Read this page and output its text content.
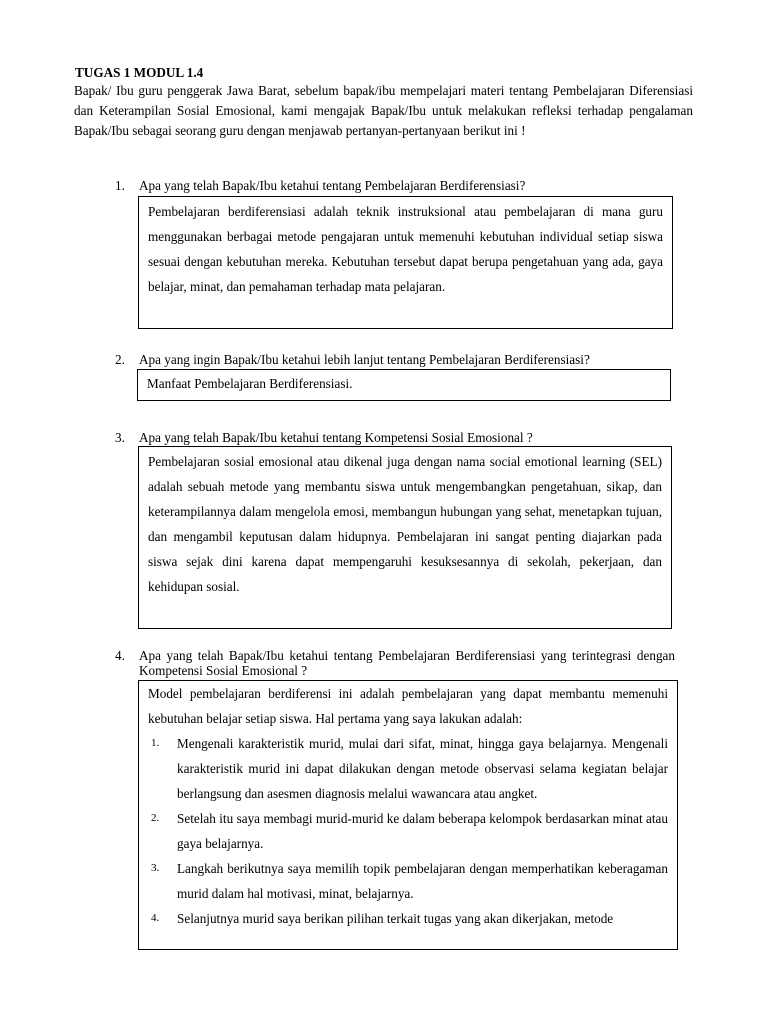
TUGAS 1 MODUL 1.4

Bapak/ Ibu guru penggerak Jawa Barat, sebelum bapak/ibu mempelajari materi tentang Pembelajaran Diferensiasi dan Keterampilan Sosial Emosional, kami mengajak Bapak/Ibu untuk melakukan refleksi terhadap pengalaman Bapak/Ibu sebagai seorang guru dengan menjawab pertanyan-pertanyaan berikut ini !

1.	Apa yang telah Bapak/Ibu ketahui tentang Pembelajaran Berdiferensiasi?

Pembelajaran berdiferensiasi adalah teknik instruksional atau pembelajaran di mana guru menggunakan berbagai metode pengajaran untuk memenuhi kebutuhan individual setiap siswa sesuai dengan kebutuhan mereka. Kebutuhan tersebut dapat berupa pengetahuan yang ada, gaya belajar, minat, dan pemahaman terhadap mata pelajaran.

2.	Apa yang ingin Bapak/Ibu ketahui lebih lanjut tentang Pembelajaran Berdiferensiasi?

Manfaat Pembelajaran Berdiferensiasi.

3.	Apa yang telah Bapak/Ibu ketahui tentang Kompetensi Sosial Emosional ?

Pembelajaran sosial emosional atau dikenal juga dengan nama social emotional learning (SEL) adalah sebuah metode yang membantu siswa untuk mengembangkan pengetahuan, sikap, dan keterampilannya dalam mengelola emosi, membangun hubungan yang sehat, menetapkan tujuan, dan mengambil keputusan dalam hidupnya. Pembelajaran ini sangat penting diajarkan pada siswa sejak dini karena dapat mempengaruhi kesuksesannya di sekolah, pekerjaan, dan kehidupan sosial.

4.	Apa yang telah Bapak/Ibu ketahui tentang Pembelajaran Berdiferensiasi yang terintegrasi dengan Kompetensi Sosial Emosional ?

Model pembelajaran berdiferensi ini adalah pembelajaran yang dapat membantu memenuhi kebutuhan belajar setiap siswa. Hal pertama yang saya lakukan adalah:

1.	Mengenali karakteristik murid, mulai dari sifat, minat, hingga gaya belajarnya. Mengenali karakteristik murid ini dapat dilakukan dengan metode observasi selama kegiatan belajar berlangsung dan asesmen diagnosis melalui wawancara atau angket.
2.	Setelah itu saya membagi murid-murid ke dalam beberapa kelompok berdasarkan minat atau gaya belajarnya.
3.	Langkah berikutnya saya memilih topik pembelajaran dengan memperhatikan keberagaman murid dalam hal motivasi, minat, belajarnya.
4.	Selanjutnya murid saya berikan pilihan terkait tugas yang akan dikerjakan, metode
